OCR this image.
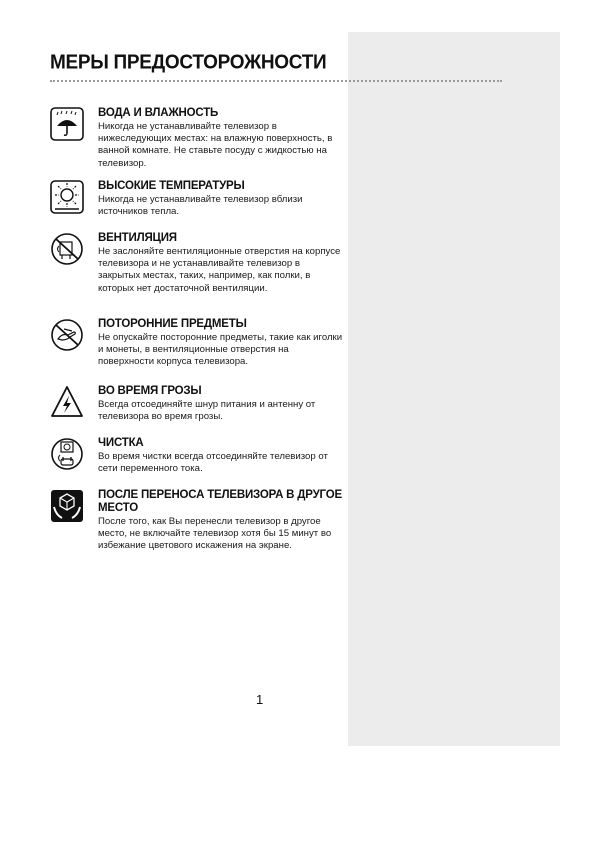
МЕРЫ ПРЕДОСТОРОЖНОСТИ

ВОДА И ВЛАЖНОСТЬ

Никогда не устанавливайте телевизор в нижеследующих местах: на влажную поверхность, в ванной комнате. Не ставьте посуду с жидкостью на телевизор.

ВЫСОКИЕ ТЕМПЕРАТУРЫ

Никогда не устанавливайте телевизор вблизи источников тепла.

ВЕНТИЛЯЦИЯ

Не заслоняйте вентиляционные отверстия на корпусе телевизора и не устанавливайте телевизор в закрытых местах, таких, например, как полки, в которых нет достаточной вентиляции.

ПОТОРОННИЕ ПРЕДМЕТЫ

Не опускайте посторонние предметы, такие как иголки и монеты, в вентиляционные отверстия на поверхности корпуса телевизора.

ВО ВРЕМЯ ГРОЗЫ

Всегда отсоединяйте шнур питания и антенну от телевизора во время грозы.

ЧИСТКА

Во время чистки всегда отсоединяйте телевизор от сети переменного тока.

ПОСЛЕ ПЕРЕНОСА ТЕЛЕВИЗОРА В ДРУГОЕ МЕСТО

После того, как Вы перенесли телевизор в другое место, не включайте телевизор хотя бы 15 минут во избежание цветового искажения на экране.

1
